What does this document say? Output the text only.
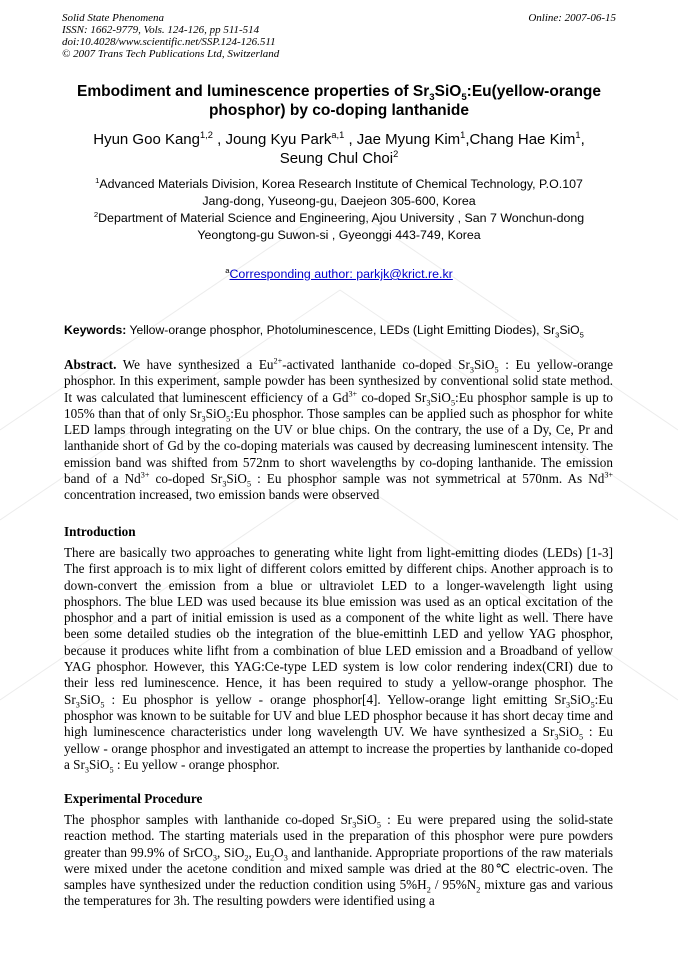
Solid State Phenomena
ISSN: 1662-9779, Vols. 124-126, pp 511-514
doi:10.4028/www.scientific.net/SSP.124-126.511
© 2007 Trans Tech Publications Ltd, Switzerland
Online: 2007-06-15
Embodiment and luminescence properties of $Sr_3SiO_5:Eu(yellow$-orange phosphor) by co-doping lanthanide
Hyun Goo Kang$^{1,2}$ , Joung Kyu Park$^{a,1}$ , Jae Myung Kim$^1$,Chang Hae Kim$^1$,
Seung Chul Choi$^2$
$^1$Advanced Materials Division, Korea Research Institute of Chemical Technology, P.O.107
Jang-dong, Yuseong-gu, Daejeon 305-600, Korea
$^2$Department of Material Science and Engineering, Ajou University , San 7 Wonchun-dong
Yeongtong-gu Suwon-si , Gyeonggi 443-749, Korea
$^a$Corresponding author: parkjk@krict.re.kr
Keywords: Yellow-orange phosphor, Photoluminescence, LEDs (Light Emitting Diodes), $Sr_3SiO_5$
Abstract. We have synthesized a $Eu^{2+}$-activated lanthanide co-doped $Sr_3SiO_5$ : Eu yellow-orange phosphor. In this experiment, sample powder has been synthesized by conventional solid state method. It was calculated that luminescent efficiency of a $Gd^{3+}$ co-doped $Sr_3SiO_5:Eu$ phosphor sample is up to 105% than that of only $Sr_3SiO_5:Eu$ phosphor. Those samples can be applied such as phosphor for white LED lamps through integrating on the UV or blue chips. On the contrary, the use of a Dy, Ce, Pr and lanthanide short of Gd by the co-doping materials was caused by decreasing luminescent intensity. The emission band was shifted from 572nm to short wavelengths by co-doping lanthanide. The emission band of a $Nd^{3+}$ co-doped $Sr_3SiO_5$ : Eu phosphor sample was not symmetrical at 570nm. As $Nd^{3+}$ concentration increased, two emission bands were observed
Introduction
There are basically two approaches to generating white light from light-emitting diodes (LEDs) [1-3] The first approach is to mix light of different colors emitted by different chips. Another approach is to down-convert the emission from a blue or ultraviolet LED to a longer-wavelength light using phosphors. The blue LED was used because its blue emission was used as an optical excitation of the phosphor and a part of initial emission is used as a component of the white light as well. There have been some detailed studies ob the integration of the blue-emittinh LED and yellow YAG phosphor, because it produces white lifht from a combination of blue LED emission and a Broadband of yellow YAG phosphor. However, this YAG:Ce-type LED system is low color rendering index(CRI) due to their less red luminescence. Hence, it has been required to study a yellow-orange phosphor. The $Sr_3SiO_5$ : Eu phosphor is yellow - orange phosphor[4]. Yellow-orange light emitting $Sr_3SiO_5:Eu$ phosphor was known to be suitable for UV and blue LED phosphor because it has short decay time and high luminescence characteristics under long wavelength UV. We have synthesized a $Sr_3SiO_5$ : Eu yellow - orange phosphor and investigated an attempt to increase the properties by lanthanide co-doped a $Sr_3SiO_5$ : Eu yellow - orange phosphor.
Experimental Procedure
The phosphor samples with lanthanide co-doped $Sr_3SiO_5$ : Eu were prepared using the solid-state reaction method. The starting materials used in the preparation of this phosphor were pure powders greater than 99.9% of SrCO$_3$, SiO$_2$, $Eu_2O_3$ and lanthanide. Appropriate proportions of the raw materials were mixed under the acetone condition and mixed sample was dried at the 80℃ electric-oven. The samples have synthesized under the reduction condition using $5\%H_2 / 95\%N_2$ mixture gas and various the temperatures for 3h. The resulting powders were identified using a
